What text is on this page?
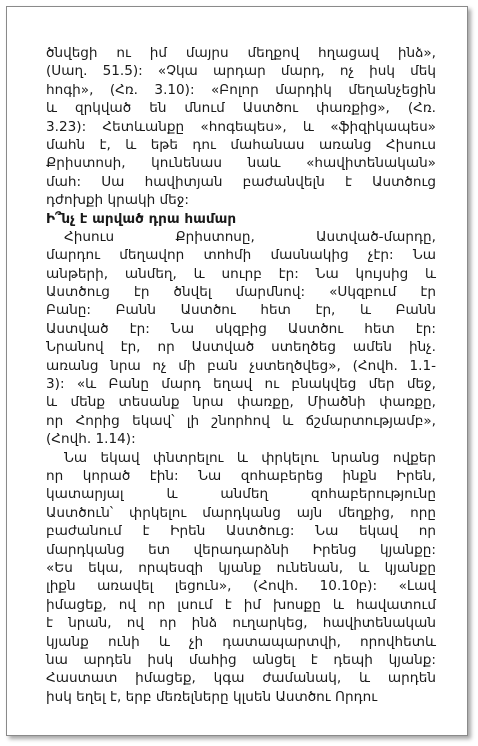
ծնվեցի ու իմ մայրս մեղքով հղացավ ինձ»,
(Սաղ. 51.5): «Չկա արդար մարդ, ոչ իսկ մեկ
հոգի», (Հռ. 3.10): «Բոլոր մարդիկ մեղանչեցին
և զրկված են մնում Աստծու փառքից», (Հռ.
3.23): Հետևանքը «հոգեպես», և «ֆիզիկապես»
մահն է, և եթե դու մահանաս առանց Հիսուս
Քրիստոսի, կունենաս նաև «հավիտենական»
մահ: Սա հավիտյան բաժանվելն է Աստծուց
դժոխքի կրակի մեջ:
Ի՞նչ է արված դրա համար
Հիսուս Քրիստոսը, Աստված-մարդը,
մարդու մեղավոր տոհմի մասնակից չէր: Նա
անթերի, անմեղ, և սուրբ էր: Նա կույսից և
Աստծուց էր ծնվել մարմնով: «Սկզբում էր
Բանը: Բանն Աստծու հետ էր, և Բանն
Աստված էր: Նա սկզբից Աստծու հետ էր:
Նրանով էր, որ Աստված ստեղծեց ամեն ինչ.
առանց նրա ոչ մի բան չստեղծվեց», (Հովհ. 1.1-
3): «և Բանը մարդ եղավ ու բնակվեց մեր մեջ,
և մենք տեսանք նրա փառքը, Միածնի փառքը,
որ Հորից եկավ՝ լի շնորհով և ճշմարտությամբ»,
(Հովհ. 1.14):
Նա եկավ փնտրելու և փրկելու նրանց ովքեր
որ կորած էին: Նա զոհաբերեց ինքն Իրեն,
կատարյալ և անմեղ զոհաբերությունը
Աստծուն՝ փրկելու մարդկանց այն մեղքից, որը
բաժանում է Իրեն Աստծուց: Նա եկավ որ
մարդկանց ետ վերադարձնի Իրենց կյանքը:
«Ես եկա, որպեսզի կյանք ունենան, և կյանքը
լիքն առավել լեցուն», (Հովհ. 10.10բ): «Լավ
իմացեք, ով որ լսում է իմ խոսքը և հավատում
է նրան, ով որ ինձ ուղարկեց, հավիտենական
կյանք ունի և չի դատապարտվի, որովհետև
նա արդեն իսկ մահից անցել է դեպի կյանք:
Հաստատ իմացեք, կգա ժամանակ, և արդեն
իսկ եղել է, երբ մեռելները կլսեն Աստծու Որդու
